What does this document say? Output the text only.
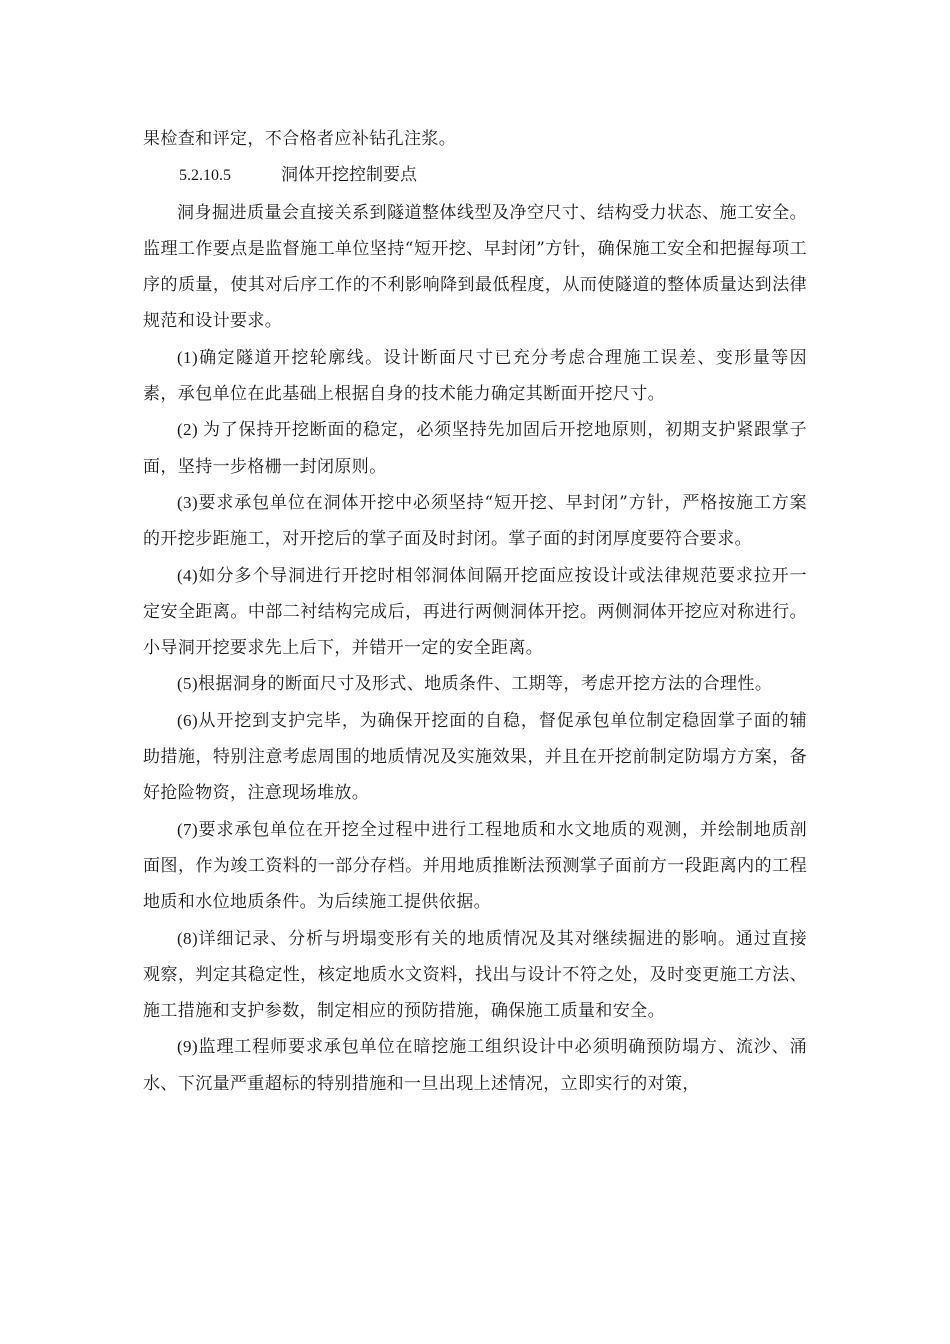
果检查和评定，不合格者应补钻孔注浆。

5.2.10.5	洞体开挖控制要点

洞身掘进质量会直接关系到隧道整体线型及净空尺寸、结构受力状态、施工安全。监理工作要点是监督施工单位坚持“短开挖、早封闭”方针，确保施工安全和把握每项工序的质量，使其对后序工作的不利影响降到最低程度，从而使隧道的整体质量达到法律规范和设计要求。

(1)确定隧道开挖轮廓线。设计断面尺寸已充分考虑合理施工误差、变形量等因素，承包单位在此基础上根据自身的技术能力确定其断面开挖尺寸。

(2) 为了保持开挖断面的稳定，必须坚持先加固后开挖地原则，初期支护紧跟掌子面，坚持一步格栅一封闭原则。

(3)要求承包单位在洞体开挖中必须坚持“短开挖、早封闭”方针，严格按施工方案的开挖步距施工，对开挖后的掌子面及时封闭。掌子面的封闭厚度要符合要求。

(4)如分多个导洞进行开挖时相邻洞体间隔开挖面应按设计或法律规范要求拉开一定安全距离。中部二衬结构完成后，再进行两侧洞体开挖。两侧洞体开挖应对称进行。小导洞开挖要求先上后下，并错开一定的安全距离。

(5)根据洞身的断面尺寸及形式、地质条件、工期等，考虑开挖方法的合理性。

(6)从开挖到支护完毕，为确保开挖面的自稳，督促承包单位制定稳固掌子面的辅助措施，特别注意考虑周围的地质情况及实施效果，并且在开挖前制定防塌方方案，备好抢险物资，注意现场堆放。

(7)要求承包单位在开挖全过程中进行工程地质和水文地质的观测，并绘制地质剖面图，作为竣工资料的一部分存档。并用地质推断法预测掌子面前方一段距离内的工程地质和水位地质条件。为后续施工提供依据。

(8)详细记录、分析与坍塌变形有关的地质情况及其对继续掘进的影响。通过直接观察，判定其稳定性，核定地质水文资料，找出与设计不符之处，及时变更施工方法、施工措施和支护参数，制定相应的预防措施，确保施工质量和安全。

(9)监理工程师要求承包单位在暗挖施工组织设计中必须明确预防塌方、流沙、涌水、下沉量严重超标的特别措施和一旦出现上述情况，立即实行的对策，
